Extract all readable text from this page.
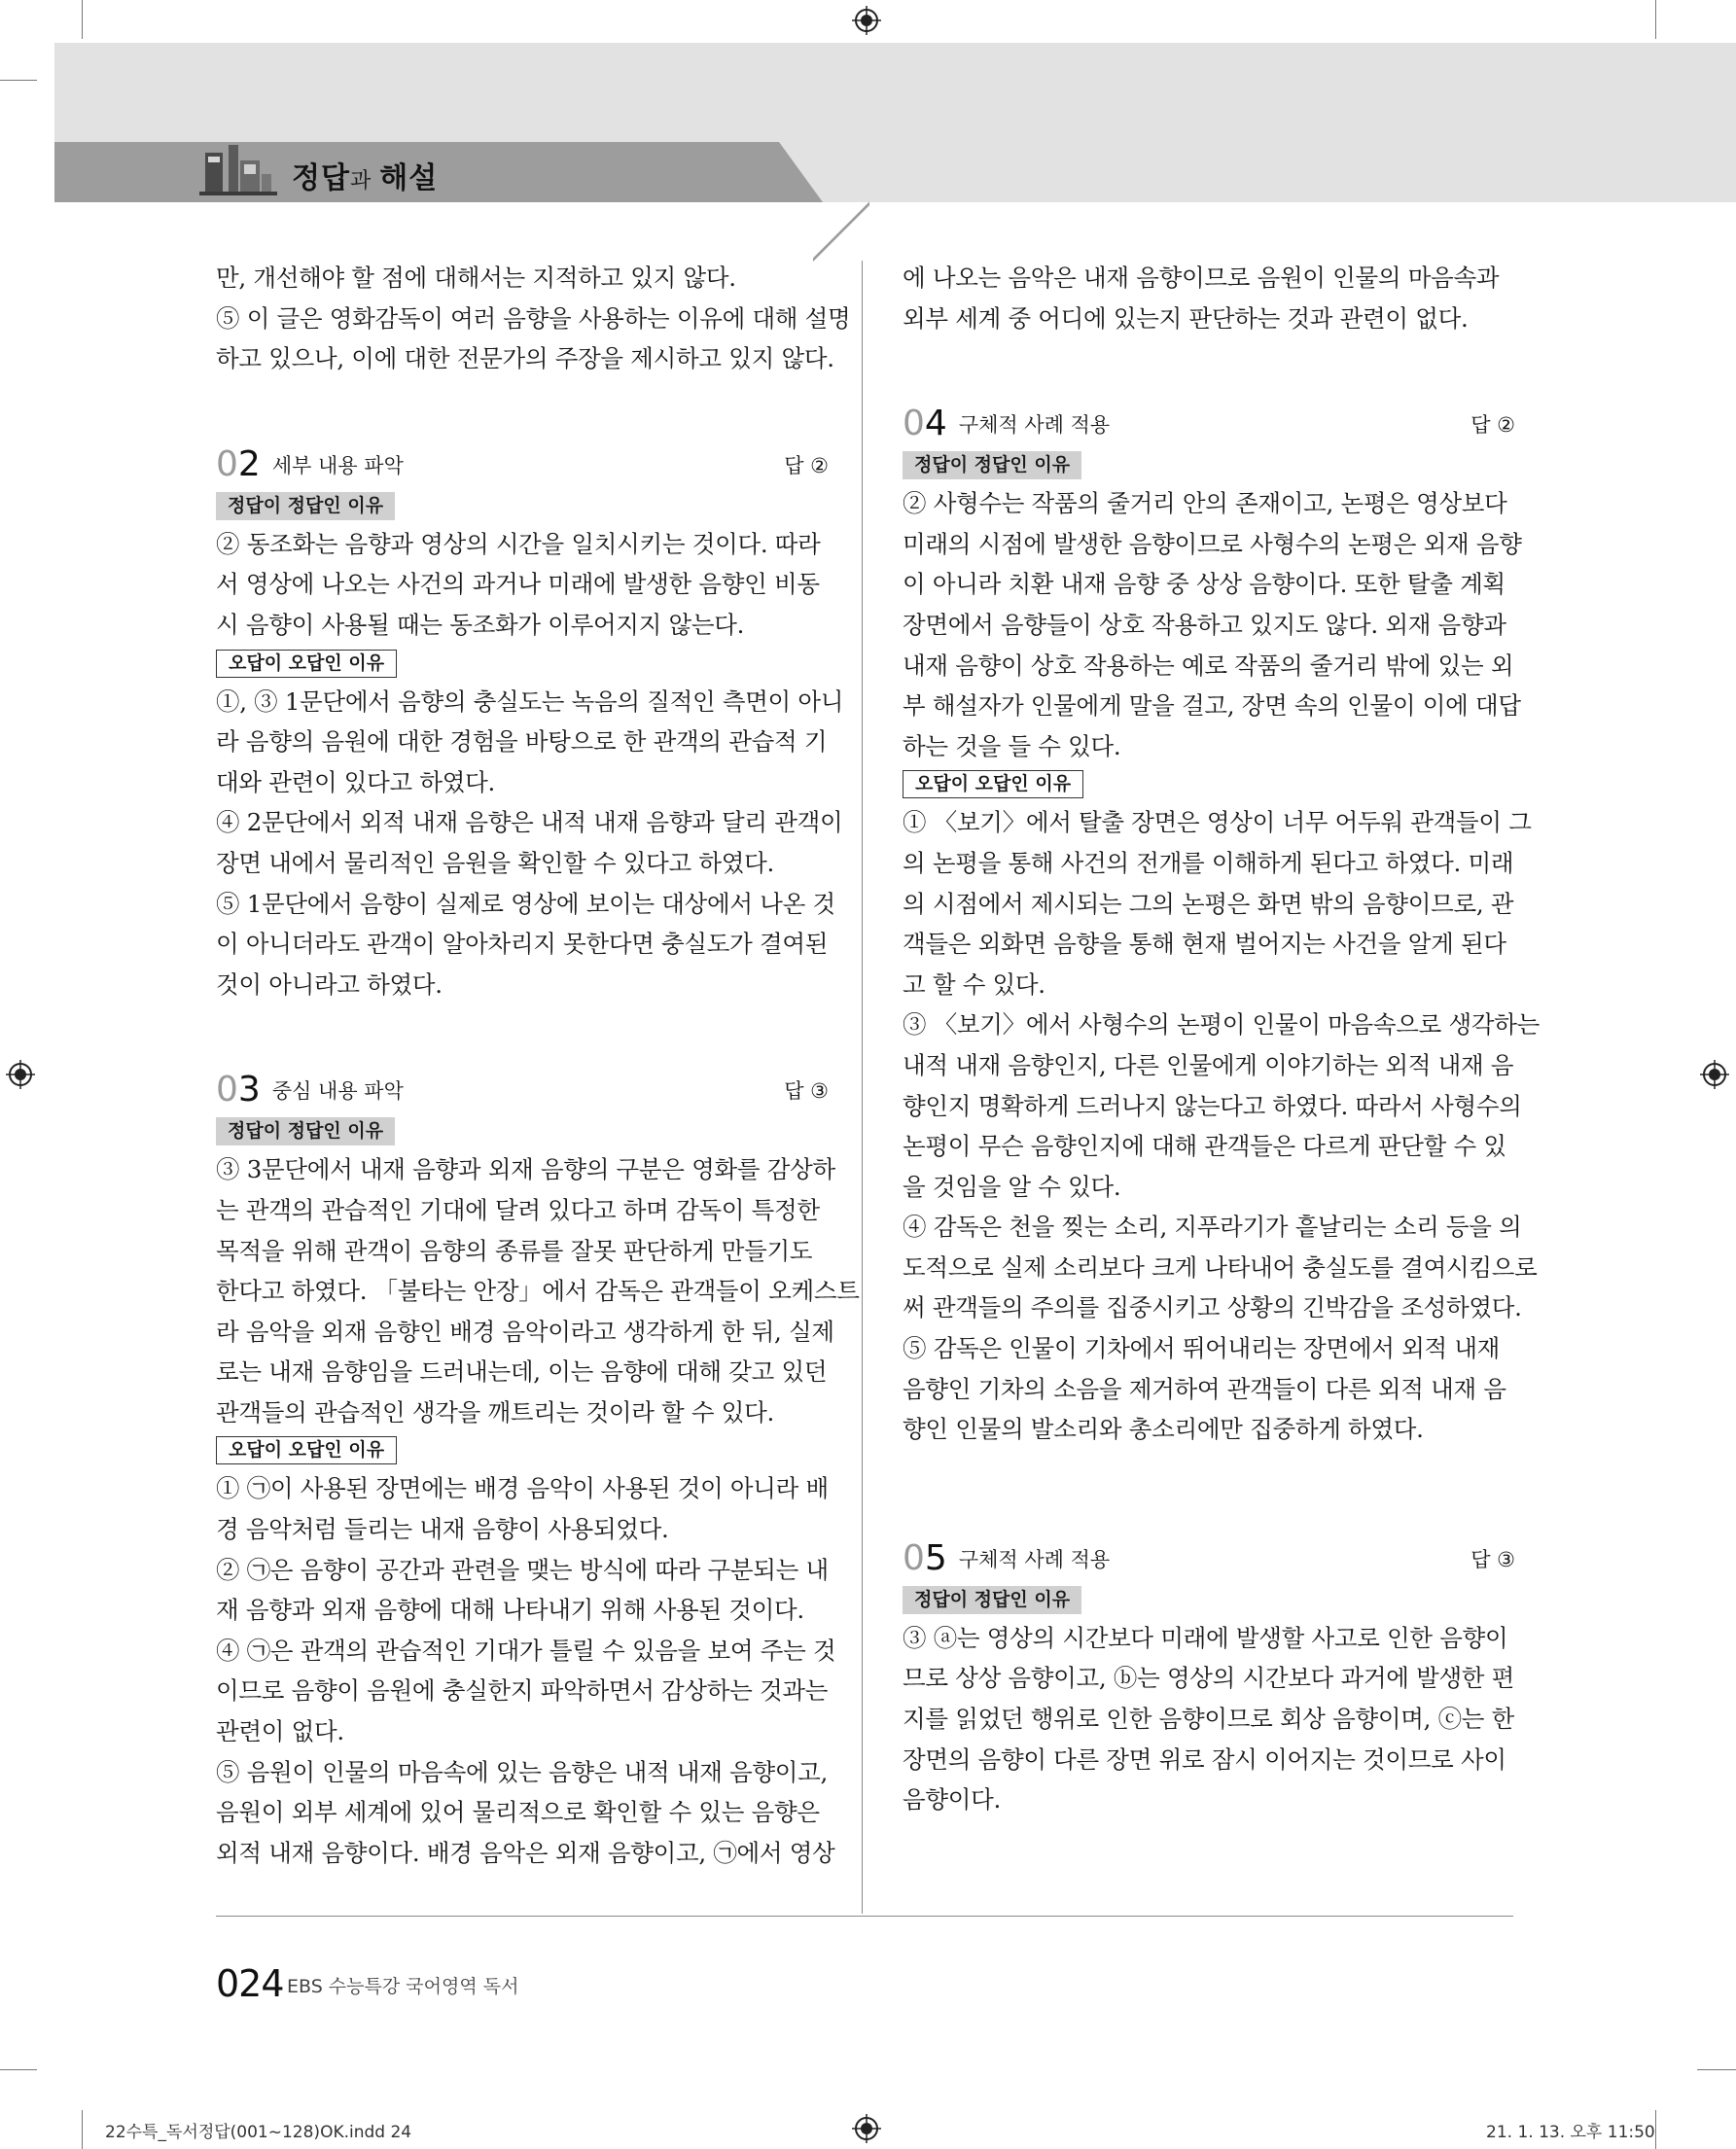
정답과 해설

만, 개선해야 할 점에 대해서는 지적하고 있지 않다.

⑤ 이 글은 영화감독이 여러 음향을 사용하는 이유에 대해 설명

하고 있으나, 이에 대한 전문가의 주장을 제시하고 있지 않다.

02 세부 내용 파악	답 ②
정답이 정답인 이유

② 동조화는 음향과 영상의 시간을 일치시키는 것이다. 따라

서 영상에 나오는 사건의 과거나 미래에 발생한 음향인 비동

시 음향이 사용될 때는 동조화가 이루어지지 않는다.

오답이 오답인 이유

①, ③ 1문단에서 음향의 충실도는 녹음의 질적인 측면이 아니

라 음향의 음원에 대한 경험을 바탕으로 한 관객의 관습적 기

대와 관련이 있다고 하였다.

④ 2문단에서 외적 내재 음향은 내적 내재 음향과 달리 관객이

장면 내에서 물리적인 음원을 확인할 수 있다고 하였다.

⑤ 1문단에서 음향이 실제로 영상에 보이는 대상에서 나온 것

이 아니더라도 관객이 알아차리지 못한다면 충실도가 결여된

것이 아니라고 하였다.

03 중심 내용 파악	답 ③
정답이 정답인 이유

③ 3문단에서 내재 음향과 외재 음향의 구분은 영화를 감상하

는 관객의 관습적인 기대에 달려 있다고 하며 감독이 특정한

목적을 위해 관객이 음향의 종류를 잘못 판단하게 만들기도

한다고 하였다. 「불타는 안장」에서 감독은 관객들이 오케스트

라 음악을 외재 음향인 배경 음악이라고 생각하게 한 뒤, 실제

로는 내재 음향임을 드러내는데, 이는 음향에 대해 갖고 있던

관객들의 관습적인 생각을 깨트리는 것이라 할 수 있다.

오답이 오답인 이유

① ㉠이 사용된 장면에는 배경 음악이 사용된 것이 아니라 배

경 음악처럼 들리는 내재 음향이 사용되었다.

② ㉠은 음향이 공간과 관련을 맺는 방식에 따라 구분되는 내

재 음향과 외재 음향에 대해 나타내기 위해 사용된 것이다.

④ ㉠은 관객의 관습적인 기대가 틀릴 수 있음을 보여 주는 것

이므로 음향이 음원에 충실한지 파악하면서 감상하는 것과는

관련이 없다.

⑤ 음원이 인물의 마음속에 있는 음향은 내적 내재 음향이고,

음원이 외부 세계에 있어 물리적으로 확인할 수 있는 음향은

외적 내재 음향이다. 배경 음악은 외재 음향이고, ㉠에서 영상

에 나오는 음악은 내재 음향이므로 음원이 인물의 마음속과

외부 세계 중 어디에 있는지 판단하는 것과 관련이 없다.

04 구체적 사례 적용	답 ②
정답이 정답인 이유

② 사형수는 작품의 줄거리 안의 존재이고, 논평은 영상보다

미래의 시점에 발생한 음향이므로 사형수의 논평은 외재 음향

이 아니라 치환 내재 음향 중 상상 음향이다. 또한 탈출 계획

장면에서 음향들이 상호 작용하고 있지도 않다. 외재 음향과

내재 음향이 상호 작용하는 예로 작품의 줄거리 밖에 있는 외

부 해설자가 인물에게 말을 걸고, 장면 속의 인물이 이에 대답

하는 것을 들 수 있다.

오답이 오답인 이유

① 〈보기〉에서 탈출 장면은 영상이 너무 어두워 관객들이 그

의 논평을 통해 사건의 전개를 이해하게 된다고 하였다. 미래

의 시점에서 제시되는 그의 논평은 화면 밖의 음향이므로, 관

객들은 외화면 음향을 통해 현재 벌어지는 사건을 알게 된다

고 할 수 있다.

③ 〈보기〉에서 사형수의 논평이 인물이 마음속으로 생각하는

내적 내재 음향인지, 다른 인물에게 이야기하는 외적 내재 음

향인지 명확하게 드러나지 않는다고 하였다. 따라서 사형수의

논평이 무슨 음향인지에 대해 관객들은 다르게 판단할 수 있

을 것임을 알 수 있다.

④ 감독은 천을 찢는 소리, 지푸라기가 흩날리는 소리 등을 의

도적으로 실제 소리보다 크게 나타내어 충실도를 결여시킴으로

써 관객들의 주의를 집중시키고 상황의 긴박감을 조성하였다.

⑤ 감독은 인물이 기차에서 뛰어내리는 장면에서 외적 내재

음향인 기차의 소음을 제거하여 관객들이 다른 외적 내재 음

향인 인물의 발소리와 총소리에만 집중하게 하였다.

05 구체적 사례 적용	답 ③
정답이 정답인 이유

③ ⓐ는 영상의 시간보다 미래에 발생할 사고로 인한 음향이

므로 상상 음향이고, ⓑ는 영상의 시간보다 과거에 발생한 편

지를 읽었던 행위로 인한 음향이므로 회상 음향이며, ⓒ는 한

장면의 음향이 다른 장면 위로 잠시 이어지는 것이므로 사이

음향이다.

024 EBS 수능특강 국어영역 독서
22수특_독서정답(001~128)OK.indd 24	21. 1. 13. 오후 11:50
